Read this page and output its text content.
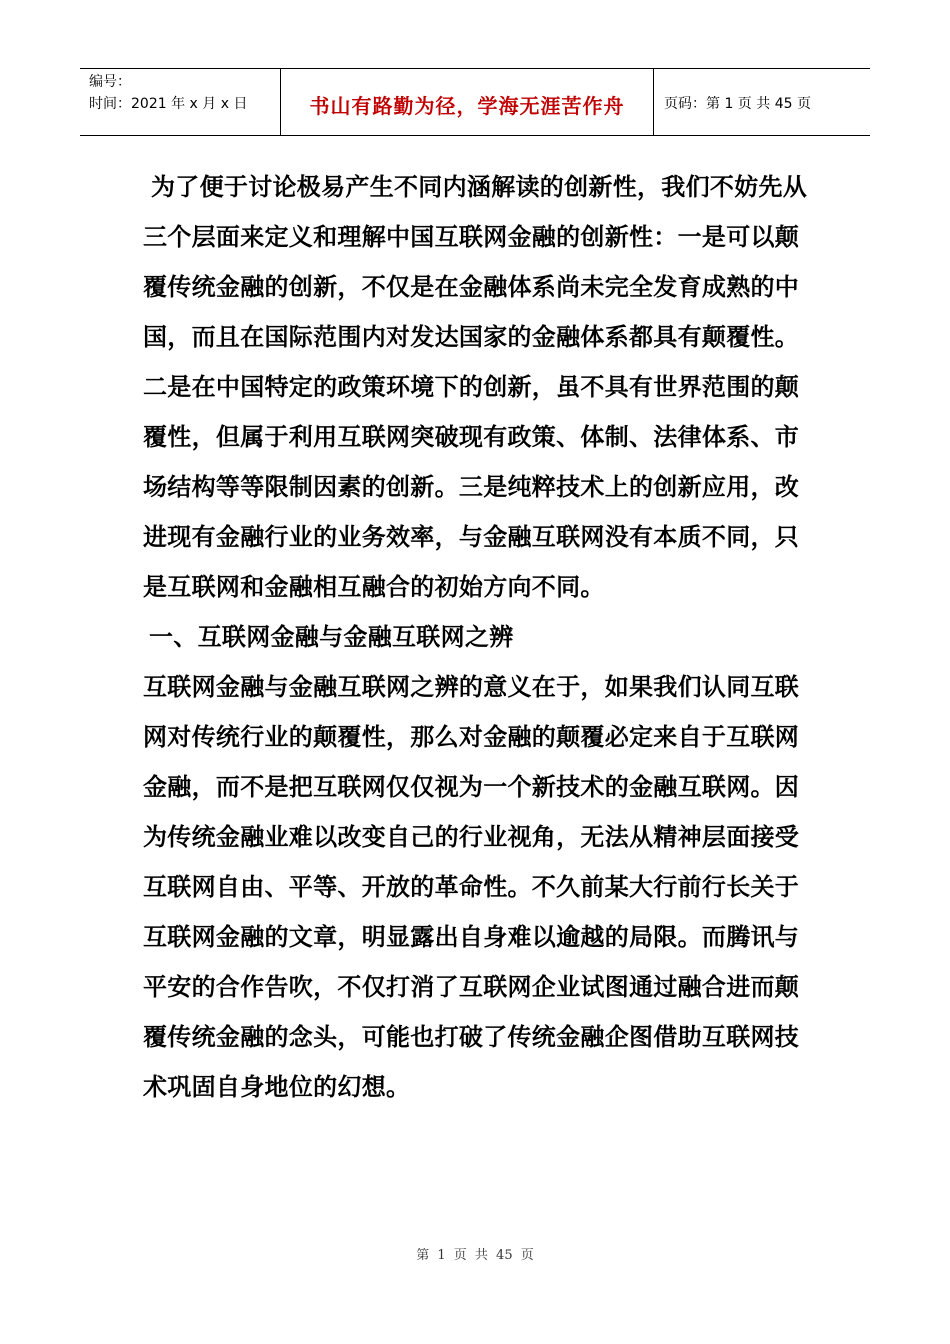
编号：
时间：2021 年 x 月 x 日	书山有路勤为径，学海无涯苦作舟	页码：第 1 页 共 45 页

为了便于讨论极易产生不同内涵解读的创新性，我们不妨先从三个层面来定义和理解中国互联网金融的创新性：一是可以颠覆传统金融的创新，不仅是在金融体系尚未完全发育成熟的中国，而且在国际范围内对发达国家的金融体系都具有颠覆性。二是在中国特定的政策环境下的创新，虽不具有世界范围的颠覆性，但属于利用互联网突破现有政策、体制、法律体系、市场结构等等限制因素的创新。三是纯粹技术上的创新应用，改进现有金融行业的业务效率，与金融互联网没有本质不同，只是互联网和金融相互融合的初始方向不同。

一、互联网金融与金融互联网之辨

互联网金融与金融互联网之辨的意义在于，如果我们认同互联网对传统行业的颠覆性，那么对金融的颠覆必定来自于互联网金融，而不是把互联网仅仅视为一个新技术的金融互联网。因为传统金融业难以改变自己的行业视角，无法从精神层面接受互联网自由、平等、开放的革命性。不久前某大行前行长关于互联网金融的文章，明显露出自身难以逾越的局限。而腾讯与平安的合作告吹，不仅打消了互联网企业试图通过融合进而颠覆传统金融的念头，可能也打破了传统金融企图借助互联网技术巩固自身地位的幻想。

第 1 页 共 45 页
